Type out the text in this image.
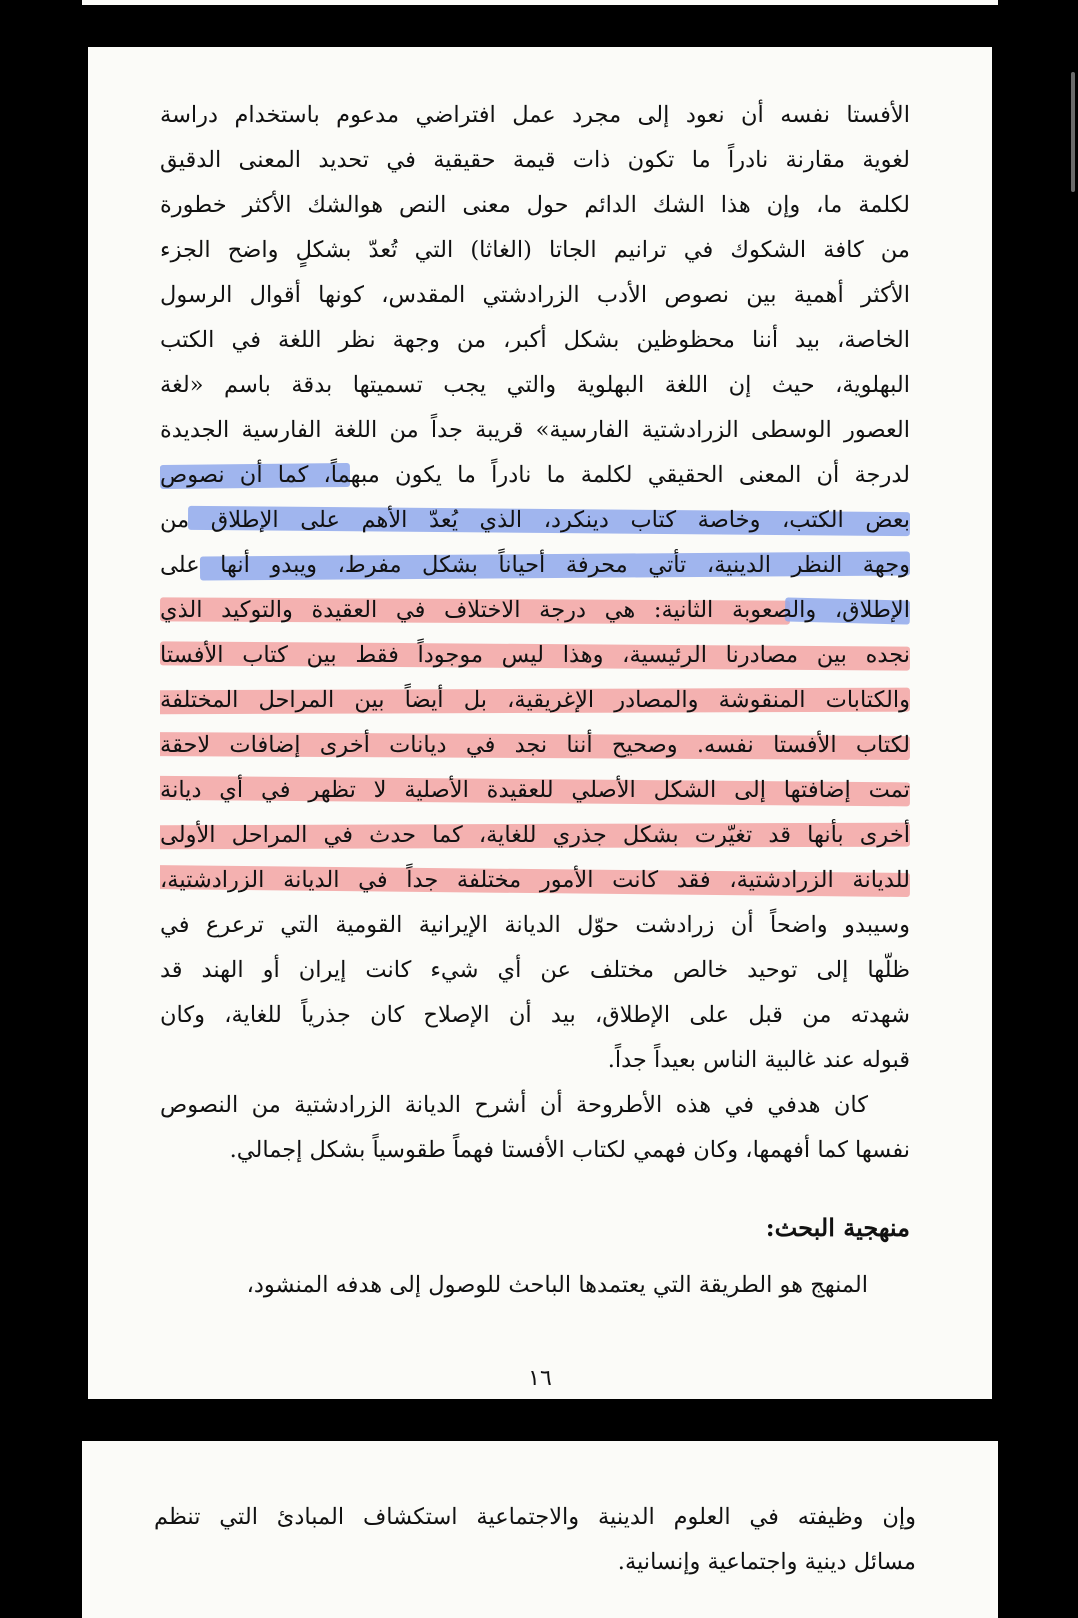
الأفستا نفسه أن نعود إلى مجرد عمل افتراضي مدعوم باستخدام دراسة
لغوية مقارنة نادراً ما تكون ذات قيمة حقيقية في تحديد المعنى الدقيق
لكلمة ما، وإن هذا الشك الدائم حول معنى النص هوالشك الأكثر خطورة
من كافة الشكوك في ترانيم الجاتا (الغاثا) التي تُعدّ بشكلٍ واضح الجزء
الأكثر أهمية بين نصوص الأدب الزرادشتي المقدس، كونها أقوال الرسول
الخاصة، بيد أننا محظوظين بشكل أكبر، من وجهة نظر اللغة في الكتب
البهلوية، حيث إن اللغة البهلوية والتي يجب تسميتها بدقة باسم «لغة
العصور الوسطى الزرادشتية الفارسية» قريبة جداً من اللغة الفارسية الجديدة
لدرجة أن المعنى الحقيقي لكلمة ما نادراً ما يكون مبهماً، كما أن نصوص
بعض الكتب، وخاصة كتاب دينكرد، الذي يُعدّ الأهم على الإطلاق من
وجهة النظر الدينية، تأتي محرفة أحياناً بشكل مفرط، ويبدو أنها على
الإطلاق، والصعوبة الثانية: هي درجة الاختلاف في العقيدة والتوكيد الذي
نجده بين مصادرنا الرئيسية، وهذا ليس موجوداً فقط بين كتاب الأفستا
والكتابات المنقوشة والمصادر الإغريقية، بل أيضاً بين المراحل المختلفة
لكتاب الأفستا نفسه. وصحيح أننا نجد في ديانات أخرى إضافات لاحقة
تمت إضافتها إلى الشكل الأصلي للعقيدة الأصلية لا تظهر في أي ديانة
أخرى بأنها قد تغيّرت بشكل جذري للغاية، كما حدث في المراحل الأولى
للديانة الزرادشتية، فقد كانت الأمور مختلفة جداً في الديانة الزرادشتية،
وسيبدو واضحاً أن زرادشت حوّل الديانة الإيرانية القومية التي ترعرع في
ظلّها إلى توحيد خالص مختلف عن أي شيء كانت إيران أو الهند قد
شهدته من قبل على الإطلاق، بيد أن الإصلاح كان جذرياً للغاية، وكان
قبوله عند غالبية الناس بعيداً جداً.
كان هدفي في هذه الأطروحة أن أشرح الديانة الزرادشتية من النصوص
نفسها كما أفهمها، وكان فهمي لكتاب الأفستا فهماً طقوسياً بشكل إجمالي.
منهجية البحث:
المنهج هو الطريقة التي يعتمدها الباحث للوصول إلى هدفه المنشود،
١٦
وإن وظيفته في العلوم الدينية والاجتماعية استكشاف المبادئ التي تنظم
مسائل دينية واجتماعية وإنسانية.
